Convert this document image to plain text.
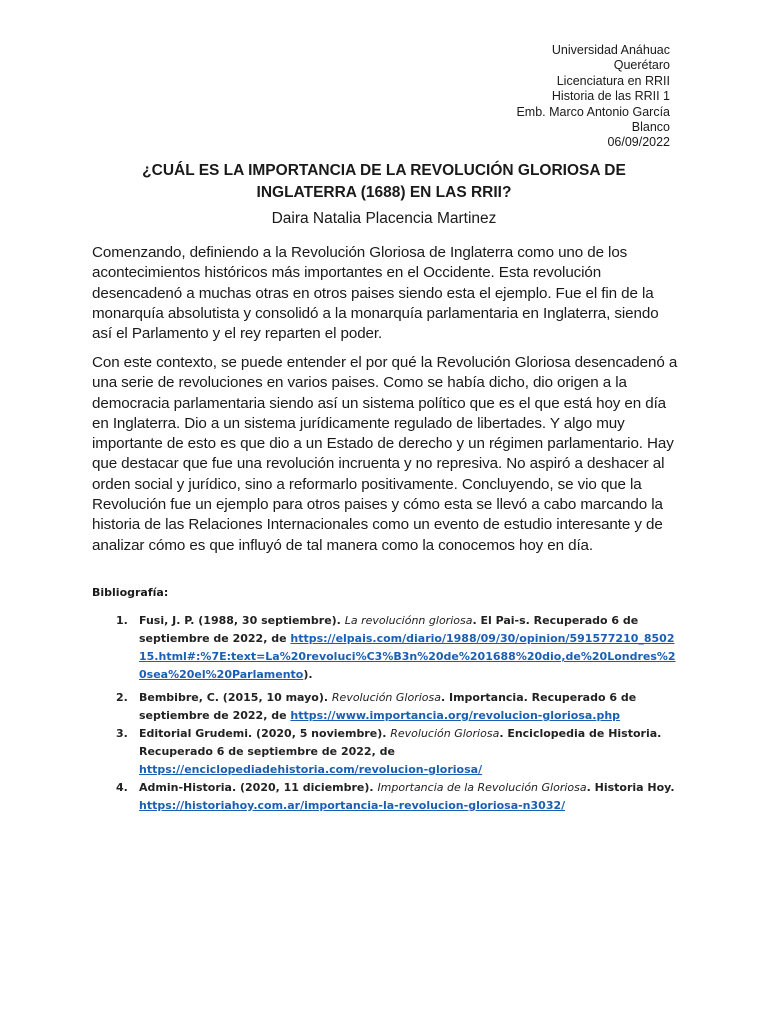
Universidad Anáhuac
Querétaro
Licenciatura en RRII
Historia de las RRII 1
Emb. Marco Antonio García
Blanco
06/09/2022
¿CUÁL ES LA IMPORTANCIA DE LA REVOLUCIÓN GLORIOSA DE INGLATERRA (1688) EN LAS RRII?
Daira Natalia Placencia Martinez
Comenzando, definiendo a la Revolución Gloriosa de Inglaterra como uno de los acontecimientos históricos más importantes en el Occidente. Esta revolución desencadenó a muchas otras en otros paises siendo esta el ejemplo. Fue el fin de la monarquía absolutista y consolidó a la monarquía parlamentaria en Inglaterra, siendo así el Parlamento y el rey reparten el poder.
Con este contexto, se puede entender el por qué la Revolución Gloriosa desencadenó a una serie de revoluciones en varios paises. Como se había dicho, dio origen a la democracia parlamentaria siendo así un sistema político que es el que está hoy en día en Inglaterra. Dio a un sistema jurídicamente regulado de libertades. Y algo muy importante de esto es que dio a un Estado de derecho y un régimen parlamentario. Hay que destacar que fue una revolución incruenta y no represiva. No aspiró a deshacer al orden social y jurídico, sino a reformarlo positivamente. Concluyendo, se vio que la Revolución fue un ejemplo para otros paises y cómo esta se llevó a cabo marcando la historia de las Relaciones Internacionales como un evento de estudio interesante y de analizar cómo es que influyó de tal manera como la conocemos hoy en día.
Bibliografía:
1. Fusi, J. P. (1988, 30 septiembre). La revoluciónn gloriosa. El Pai-s. Recuperado 6 de septiembre de 2022, de https://elpais.com/diario/1988/09/30/opinion/591577210_850215.html#:%7E:text=La%20revoluci%C3%B3n%20de%201688%20dio,de%20Londres%20sea%20el%20Parlamento).
2. Bembibre, C. (2015, 10 mayo). Revolución Gloriosa. Importancia. Recuperado 6 de septiembre de 2022, de https://www.importancia.org/revolucion-gloriosa.php
3. Editorial Grudemi. (2020, 5 noviembre). Revolución Gloriosa. Enciclopedia de Historia. Recuperado 6 de septiembre de 2022, de https://enciclopediadehistoria.com/revolucion-gloriosa/
4. Admin-Historia. (2020, 11 diciembre). Importancia de la Revolución Gloriosa. Historia Hoy. https://historiahoy.com.ar/importancia-la-revolucion-gloriosa-n3032/
